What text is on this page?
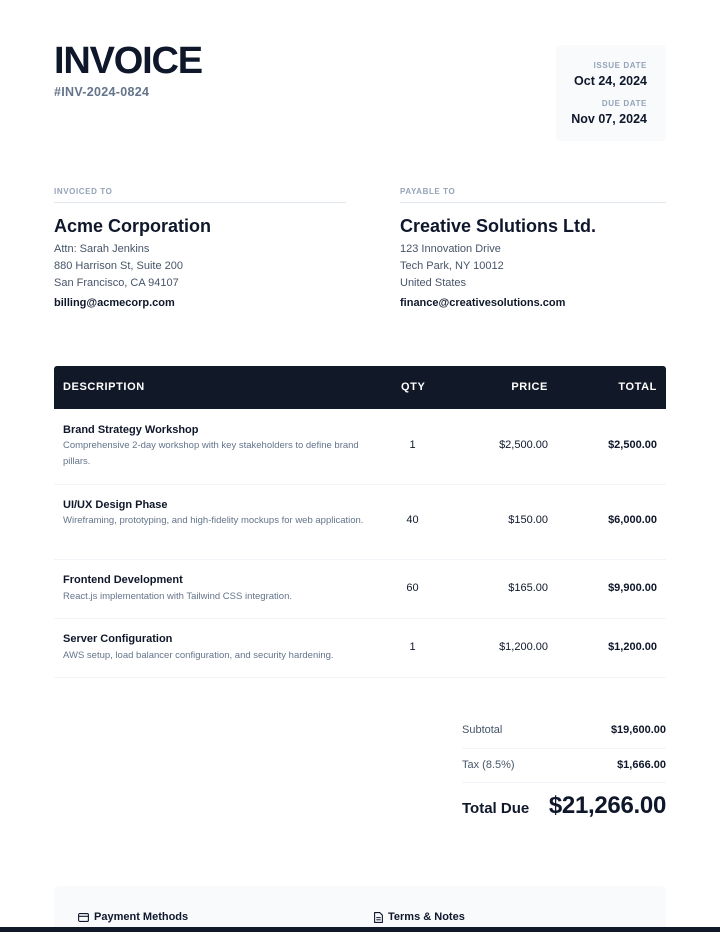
INVOICE
#INV-2024-0824
ISSUE DATE
Oct 24, 2024
DUE DATE
Nov 07, 2024
INVOICED TO
Acme Corporation
Attn: Sarah Jenkins
880 Harrison St, Suite 200
San Francisco, CA 94107
billing@acmecorp.com
PAYABLE TO
Creative Solutions Ltd.
123 Innovation Drive
Tech Park, NY 10012
United States
finance@creativesolutions.com
DESCRIPTION	QTY	PRICE	TOTAL
Brand Strategy Workshop
Comprehensive 2-day workshop with key stakeholders to define brand pillars.
1	$2,500.00	$2,500.00
UI/UX Design Phase
Wireframing, prototyping, and high-fidelity mockups for web application.	40	$150.00	$6,000.00
Frontend Development
React.js implementation with Tailwind CSS integration.
60	$165.00	$9,900.00
Server Configuration
AWS setup, load balancer configuration, and security hardening.
1	$1,200.00	$1,200.00
Subtotal	$19,600.00
Tax (8.5%)	$1,666.00
Total Due $21,266.00
Payment Methods	Terms & Notes
